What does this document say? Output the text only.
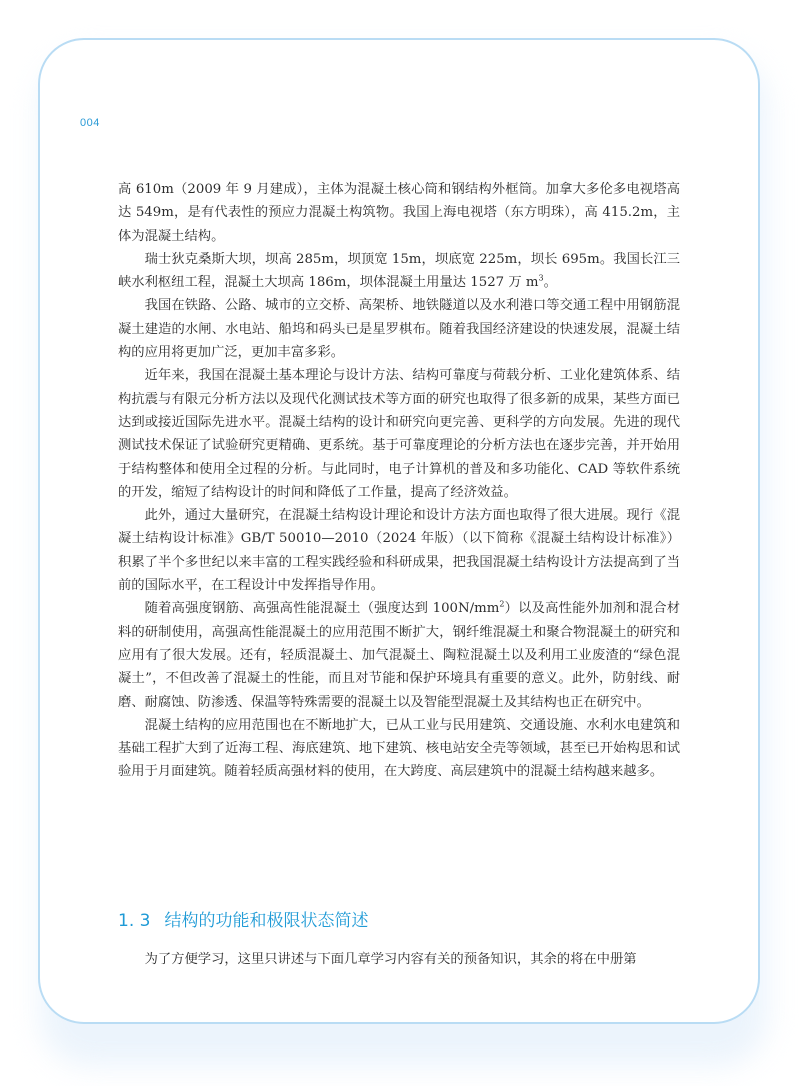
004

高 610m（2009 年 9 月建成），主体为混凝土核心筒和钢结构外框筒。加拿大多伦多电视塔高达 549m，是有代表性的预应力混凝土构筑物。我国上海电视塔（东方明珠），高 415.2m，主体为混凝土结构。

瑞士狄克桑斯大坝，坝高 285m，坝顶宽 15m，坝底宽 225m，坝长 695m。我国长江三峡水利枢纽工程，混凝土大坝高 186m，坝体混凝土用量达 1527 万 $m^3$。

我国在铁路、公路、城市的立交桥、高架桥、地铁隧道以及水利港口等交通工程中用钢筋混凝土建造的水闸、水电站、船坞和码头已是星罗棋布。随着我国经济建设的快速发展，混凝土结构的应用将更加广泛，更加丰富多彩。

近年来，我国在混凝土基本理论与设计方法、结构可靠度与荷载分析、工业化建筑体系、结构抗震与有限元分析方法以及现代化测试技术等方面的研究也取得了很多新的成果，某些方面已达到或接近国际先进水平。混凝土结构的设计和研究向更完善、更科学的方向发展。先进的现代测试技术保证了试验研究更精确、更系统。基于可靠度理论的分析方法也在逐步完善，并开始用于结构整体和使用全过程的分析。与此同时，电子计算机的普及和多功能化、CAD 等软件系统的开发，缩短了结构设计的时间和降低了工作量，提高了经济效益。

此外，通过大量研究，在混凝土结构设计理论和设计方法方面也取得了很大进展。现行《混凝土结构设计标准》GB/T 50010—2010（2024 年版）（以下简称《混凝土结构设计标准》）积累了半个多世纪以来丰富的工程实践经验和科研成果，把我国混凝土结构设计方法提高到了当前的国际水平，在工程设计中发挥指导作用。

随着高强度钢筋、高强高性能混凝土（强度达到 $100N/mm^2$）以及高性能外加剂和混合材料的研制使用，高强高性能混凝土的应用范围不断扩大，钢纤维混凝土和聚合物混凝土的研究和应用有了很大发展。还有，轻质混凝土、加气混凝土、陶粒混凝土以及利用工业废渣的“绿色混凝土”，不但改善了混凝土的性能，而且对节能和保护环境具有重要的意义。此外，防射线、耐磨、耐腐蚀、防渗透、保温等特殊需要的混凝土以及智能型混凝土及其结构也正在研究中。

混凝土结构的应用范围也在不断地扩大，已从工业与民用建筑、交通设施、水利水电建筑和基础工程扩大到了近海工程、海底建筑、地下建筑、核电站安全壳等领域，甚至已开始构思和试验用于月面建筑。随着轻质高强材料的使用，在大跨度、高层建筑中的混凝土结构越来越多。

1. 3 结构的功能和极限状态简述

为了方便学习，这里只讲述与下面几章学习内容有关的预备知识，其余的将在中册第
